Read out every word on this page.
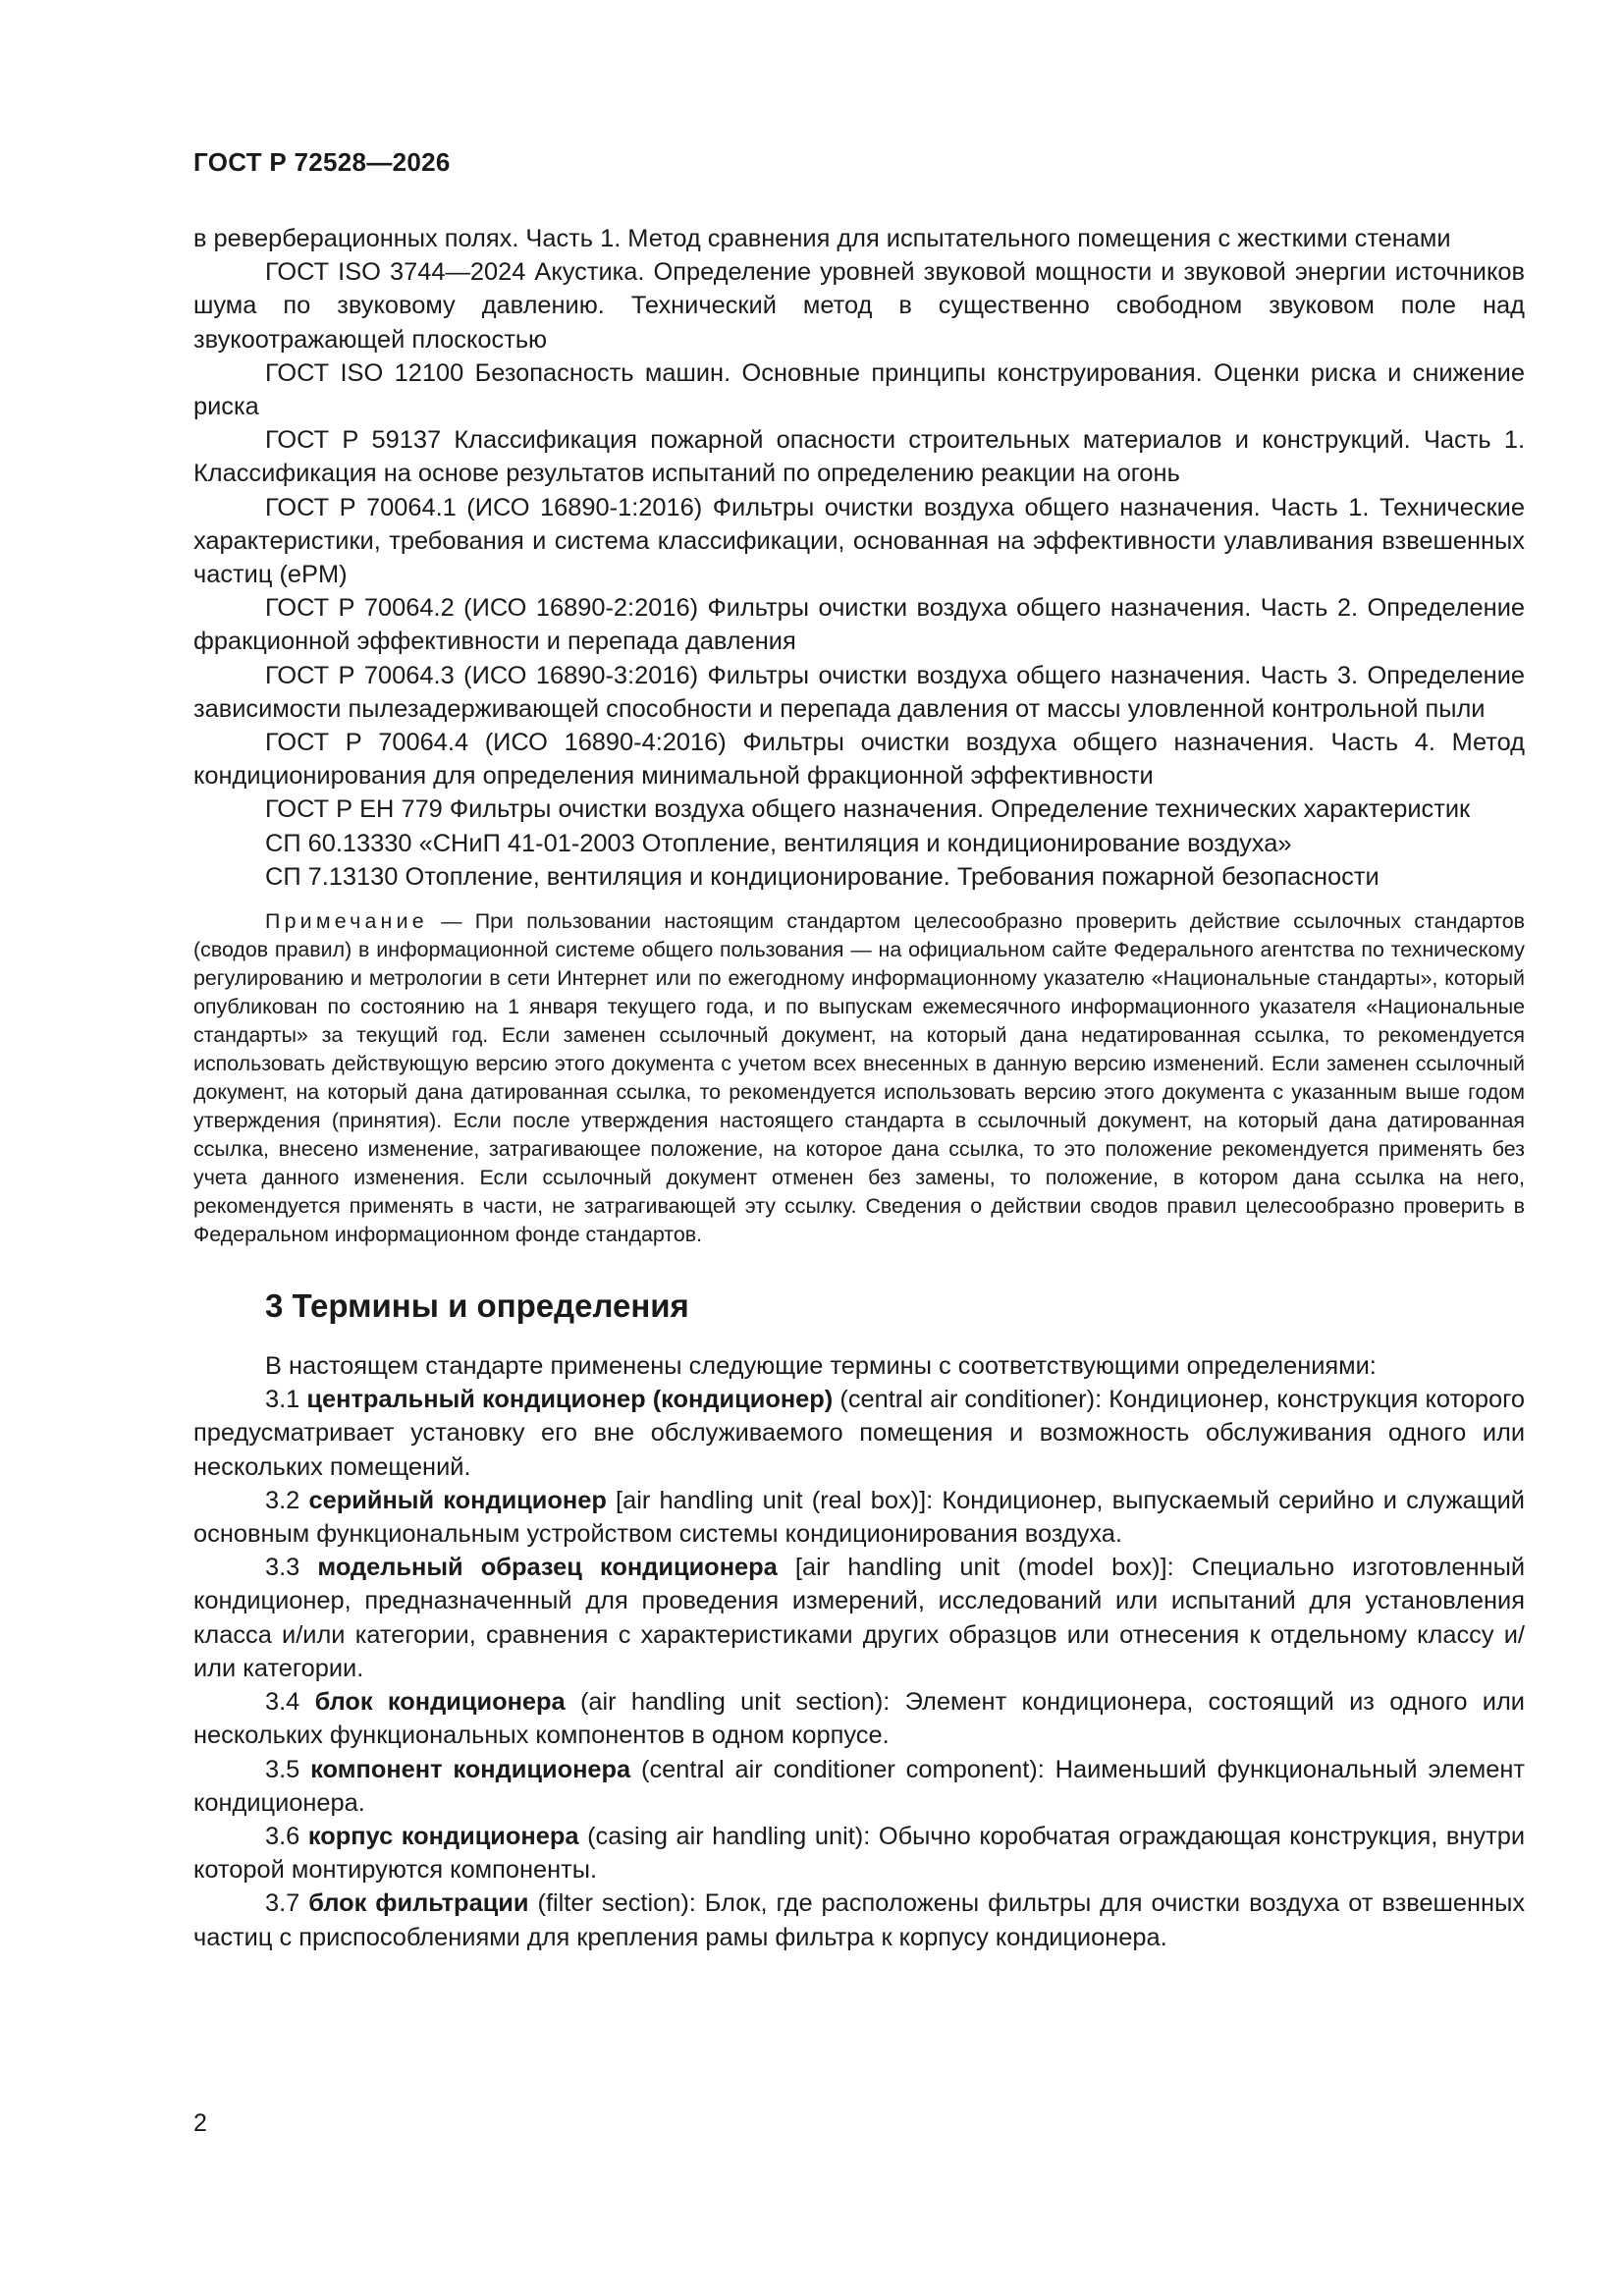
ГОСТ Р 72528—2026

в реверберационных полях. Часть 1. Метод сравнения для испытательного помещения с жесткими стенами

ГОСТ ISO 3744—2024 Акустика. Определение уровней звуковой мощности и звуковой энергии источников шума по звуковому давлению. Технический метод в существенно свободном звуковом поле над звукоотражающей плоскостью

ГОСТ ISO 12100 Безопасность машин. Основные принципы конструирования. Оценки риска и снижение риска

ГОСТ Р 59137 Классификация пожарной опасности строительных материалов и конструкций. Часть 1. Классификация на основе результатов испытаний по определению реакции на огонь

ГОСТ Р 70064.1 (ИСО 16890-1:2016) Фильтры очистки воздуха общего назначения. Часть 1. Технические характеристики, требования и система классификации, основанная на эффективности улавливания взвешенных частиц (ePM)

ГОСТ Р 70064.2 (ИСО 16890-2:2016) Фильтры очистки воздуха общего назначения. Часть 2. Определение фракционной эффективности и перепада давления

ГОСТ Р 70064.3 (ИСО 16890-3:2016) Фильтры очистки воздуха общего назначения. Часть 3. Определение зависимости пылезадерживающей способности и перепада давления от массы уловленной контрольной пыли

ГОСТ Р 70064.4 (ИСО 16890-4:2016) Фильтры очистки воздуха общего назначения. Часть 4. Метод кондиционирования для определения минимальной фракционной эффективности

ГОСТ Р ЕН 779 Фильтры очистки воздуха общего назначения. Определение технических характеристик

СП 60.13330 «СНиП 41-01-2003 Отопление, вентиляция и кондиционирование воздуха»

СП 7.13130 Отопление, вентиляция и кондиционирование. Требования пожарной безопасности

Примечание — При пользовании настоящим стандартом целесообразно проверить действие ссылочных стандартов (сводов правил) в информационной системе общего пользования — на официальном сайте Федерального агентства по техническому регулированию и метрологии в сети Интернет или по ежегодному информационному указателю «Национальные стандарты», который опубликован по состоянию на 1 января текущего года, и по выпускам ежемесячного информационного указателя «Национальные стандарты» за текущий год. Если заменен ссылочный документ, на который дана недатированная ссылка, то рекомендуется использовать действующую версию этого документа с учетом всех внесенных в данную версию изменений. Если заменен ссылочный документ, на который дана датированная ссылка, то рекомендуется использовать версию этого документа с указанным выше годом утверждения (принятия). Если после утверждения настоящего стандарта в ссылочный документ, на который дана датированная ссылка, внесено изменение, затрагивающее положение, на которое дана ссылка, то это положение рекомендуется применять без учета данного изменения. Если ссылочный документ отменен без замены, то положение, в котором дана ссылка на него, рекомендуется применять в части, не затрагивающей эту ссылку. Сведения о действии сводов правил целесообразно проверить в Федеральном информационном фонде стандартов.

3 Термины и определения

В настоящем стандарте применены следующие термины с соответствующими определениями:

3.1 центральный кондиционер (кондиционер) (central air conditioner): Кондиционер, конструкция которого предусматривает установку его вне обслуживаемого помещения и возможность обслуживания одного или нескольких помещений.

3.2 серийный кондиционер [air handling unit (real box)]: Кондиционер, выпускаемый серийно и служащий основным функциональным устройством системы кондиционирования воздуха.

3.3 модельный образец кондиционера [air handling unit (model box)]: Специально изготовленный кондиционер, предназначенный для проведения измерений, исследований или испытаний для установления класса и/или категории, сравнения с характеристиками других образцов или отнесения к отдельному классу и/или категории.

3.4 блок кондиционера (air handling unit section): Элемент кондиционера, состоящий из одного или нескольких функциональных компонентов в одном корпусе.

3.5 компонент кондиционера (central air conditioner component): Наименьший функциональный элемент кондиционера.

3.6 корпус кондиционера (casing air handling unit): Обычно коробчатая ограждающая конструкция, внутри которой монтируются компоненты.

3.7 блок фильтрации (filter section): Блок, где расположены фильтры для очистки воздуха от взвешенных частиц с приспособлениями для крепления рамы фильтра к корпусу кондиционера.

2
